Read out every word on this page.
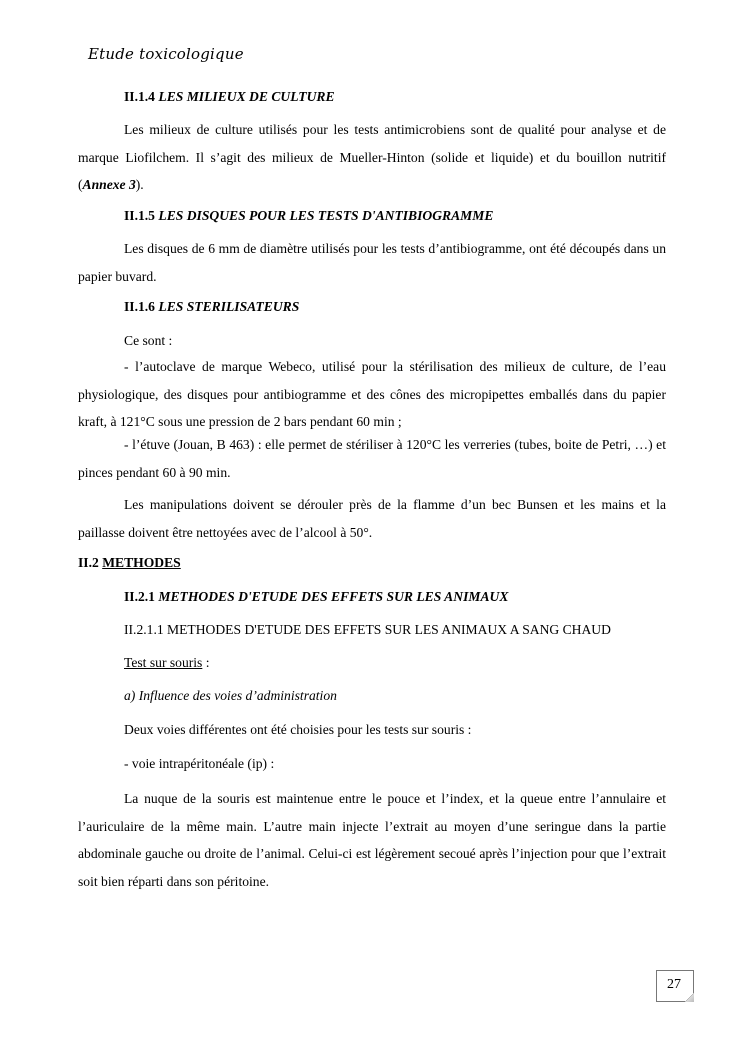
Etude toxicologique
II.1.4 LES MILIEUX DE CULTURE
Les milieux de culture utilisés pour les tests antimicrobiens sont de qualité pour analyse et de marque Liofilchem. Il s’agit des milieux de Mueller-Hinton (solide et liquide) et du bouillon nutritif (Annexe 3).
II.1.5 LES DISQUES POUR LES TESTS D'ANTIBIOGRAMME
Les disques de 6 mm de diamètre utilisés pour les tests d’antibiogramme, ont été découpés dans un papier buvard.
II.1.6 LES STERILISATEURS
Ce sont :
- l’autoclave de marque Webeco, utilisé pour la stérilisation des milieux de culture, de l’eau physiologique, des disques pour antibiogramme et des cônes des micropipettes emballés dans du papier kraft, à 121°C sous une pression de 2 bars pendant 60 min ;
- l’étuve (Jouan, B 463) : elle permet de stériliser à 120°C les verreries (tubes, boite de Petri, …) et pinces pendant 60 à 90 min.
Les manipulations doivent se dérouler près de la flamme d’un bec Bunsen et les mains et la paillasse doivent être nettoyées avec de l’alcool à 50°.
II.2 METHODES
II.2.1 METHODES D'ETUDE DES EFFETS SUR LES ANIMAUX
II.2.1.1 METHODES D'ETUDE DES EFFETS SUR LES ANIMAUX A SANG CHAUD
Test sur souris :
a) Influence des voies d’administration
Deux voies différentes ont été choisies pour les tests sur souris :
- voie intrapéritonéale (ip) :
La nuque de la souris est maintenue entre le pouce et l’index, et la queue entre l’annulaire et l’auriculaire de la même main. L’autre main injecte l’extrait au moyen d’une seringue dans la partie abdominale gauche ou droite de l’animal. Celui-ci est légèrement secoué après l’injection pour que l’extrait soit bien réparti dans son péritoine.
27
